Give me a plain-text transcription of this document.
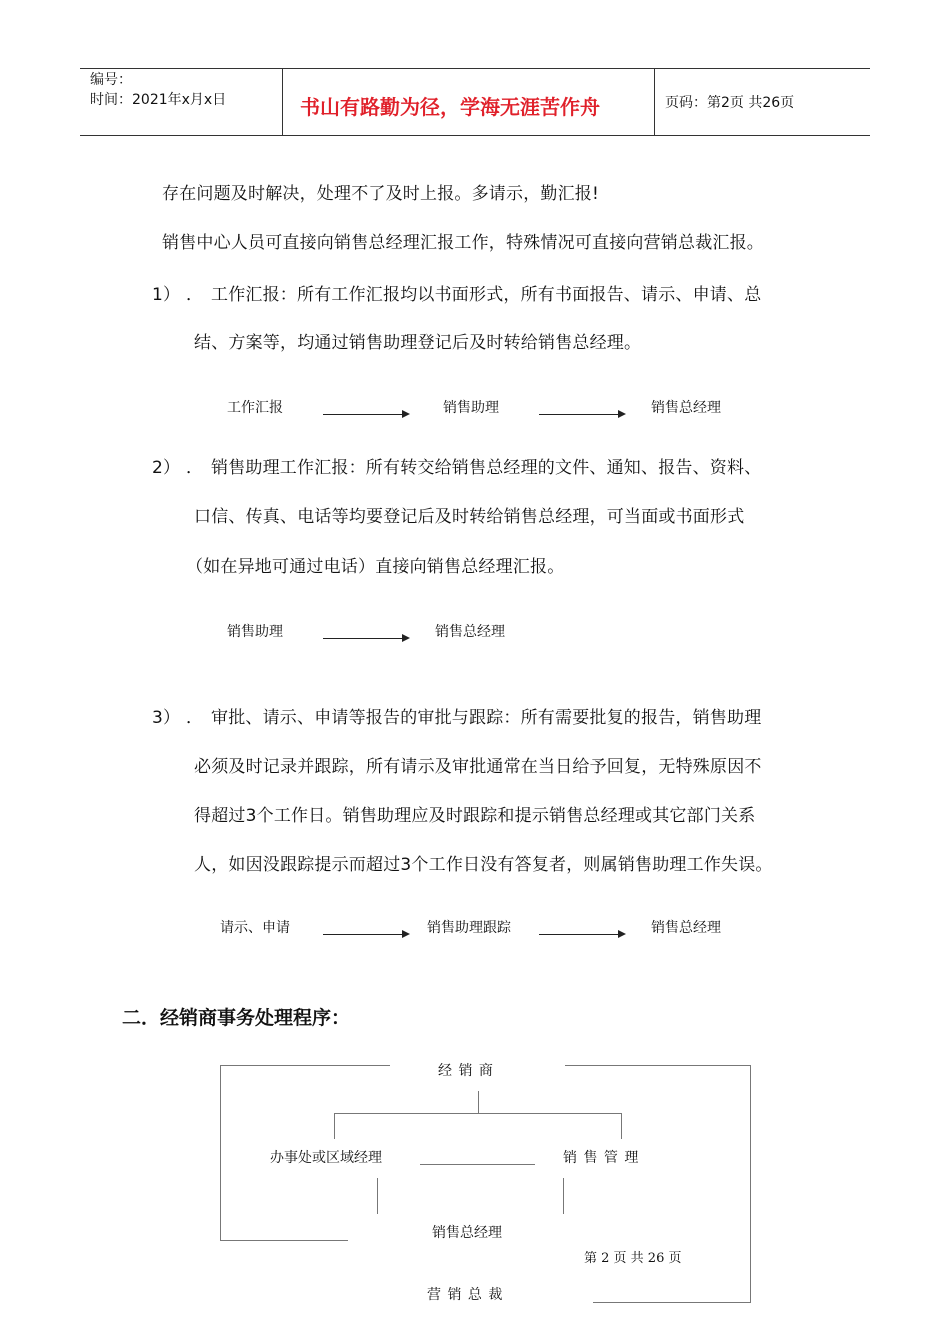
编号：
时间：2021年x月x日	书山有路勤为径，学海无涯苦作舟	页码：第2页 共26页
存在问题及时解决，处理不了及时上报。多请示，勤汇报!
销售中心人员可直接向销售总经理汇报工作，特殊情况可直接向营销总裁汇报。
1） ． 工作汇报：所有工作汇报均以书面形式，所有书面报告、请示、申请、总
结、方案等，均通过销售助理登记后及时转给销售总经理。
工作汇报	销售助理	销售总经理
2） ． 销售助理工作汇报：所有转交给销售总经理的文件、通知、报告、资料、
口信、传真、电话等均要登记后及时转给销售总经理，可当面或书面形式
（如在异地可通过电话）直接向销售总经理汇报。
销售助理	销售总经理
3） ． 审批、请示、申请等报告的审批与跟踪：所有需要批复的报告，销售助理
必须及时记录并跟踪，所有请示及审批通常在当日给予回复，无特殊原因不
得超过3个工作日。销售助理应及时跟踪和提示销售总经理或其它部门关系
人，如因没跟踪提示而超过3个工作日没有答复者，则属销售助理工作失误。
请示、申请	销售助理跟踪	销售总经理
二．经销商事务处理程序：
经 销 商
办事处或区域经理	销 售 管 理
销售总经理
营 销 总 裁
第 2 页 共 26 页
